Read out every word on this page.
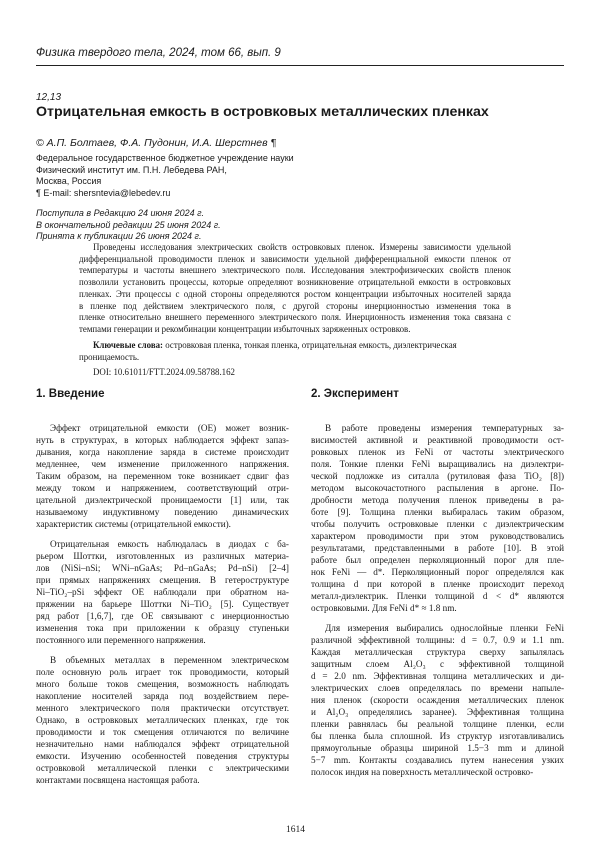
Физика твердого тела, 2024, том 66, вып. 9
12,13
Отрицательная емкость в островковых металлических пленках
© А.П. Болтаев, Ф.А. Пудонин, И.А. Шерстнев ¶
Федеральное государственное бюджетное учреждение науки
Физический институт им. П.Н. Лебедева РАН,
Москва, Россия
¶ E-mail: shersntevia@lebedev.ru
Поступила в Редакцию 24 июня 2024 г.
В окончательной редакции 25 июня 2024 г.
Принята к публикации 26 июня 2024 г.
Проведены исследования электрических свойств островковых пленок. Измерены зависимости удельной
дифференциальной проводимости пленок и зависимости удельной дифференциальной емкости пленок от
температуры и частоты внешнего электрического поля. Исследования электрофизических свойств пленок
позволили установить процессы, которые определяют возникновение отрицательной емкости в островковых
пленках. Эти процессы с одной стороны определяются ростом концентрации избыточных носителей заряда
в пленке под действием электрического поля, с другой стороны инерционностью изменения тока в
пленке относительно внешнего переменного электрического поля. Инерционность изменения тока связана с
темпами генерации и рекомбинации концентрации избыточных заряженных островков.
Ключевые слова: островковая пленка, тонкая пленка, отрицательная емкость, диэлектрическая проницаемость.
DOI: 10.61011/FTT.2024.09.58788.162
1. Введение

Эффект отрицательной емкости (ОЕ) может возник-
нуть в структурах, в которых наблюдается эффект запаз-
дывания, когда накопление заряда в системе происходит
медленнее, чем изменение приложенного напряжения.
Таким образом, на переменном токе возникает сдвиг фаз
между током и напряжением, соответствующий отри-
цательной диэлектрической проницаемости [1] или, так
называемому индуктивному поведению динамических
характеристик системы (отрицательной емкости).

Отрицательная емкость наблюдалась в диодах с ба-
рьером Шоттки, изготовленных из различных материа-
лов (NiSi–nSi; WNi–nGaAs; Pd–nGaAs; Pd–nSi) [2–4]
при прямых напряжениях смещения. В гетероструктуре
Ni–TiO₂–pSi эффект ОЕ наблюдали при обратном на-
пряжении на барьере Шоттки Ni–TiO₂ [5]. Существует
ряд работ [1,6,7], где ОЕ связывают с инерционностью
изменения тока при приложении к образцу ступеньки
постоянного или переменного напряжения.

В объемных металлах в переменном электрическом
поле основную роль играет ток проводимости, который
много больше токов смещения, возможность наблюдать
накопление носителей заряда под воздействием пере-
менного электрического поля практически отсутствует.
Однако, в островковых металлических пленках, где ток
проводимости и ток смещения отличаются по величине
незначительно нами наблюдался эффект отрицательной
емкости. Изучению особенностей поведения структуры
островковой металлической пленки с электрическими
контактами посвящена настоящая работа.

2. Эксперимент

В работе проведены измерения температурных за-
висимостей активной и реактивной проводимости ост-
ровковых пленок из FeNi от частоты электрического
поля. Тонкие пленки FeNi выращивались на диэлектри-
ческой подложке из ситалла (рутиловая фаза TiO₂ [8])
методом высокочастотного распыления в аргоне. По-
дробности метода получения пленок приведены в ра-
боте [9]. Толщина пленки выбиралась таким образом,
чтобы получить островковые пленки с диэлектрическим
характером проводимости при этом руководствовались
результатами, представленными в работе [10]. В этой
работе был определен перколяционный порог для пле-
нок FeNi — d*. Перколяционный порог определялся как
толщина d при которой в пленке происходит переход
металл-диэлектрик. Пленки толщиной d < d* являются
островковыми. Для FeNi d* ≈ 1.8 nm.

Для измерения выбирались однослойные пленки FeNi
различной эффективной толщины: d = 0.7, 0.9 и 1.1 nm.
Каждая металлическая структура сверху запылялась
защитным слоем Al₂O₃ с эффективной толщиной
d = 2.0 nm. Эффективная толщина металлических и ди-
электрических слоев определялась по времени напыле-
ния пленок (скорости осаждения металлических пленок
и Al₂O₃ определялись заранее). Эффективная толщина
пленки равнялась бы реальной толщине пленки, если
бы пленка была сплошной. Из структур изготавливались
прямоугольные образцы шириной 1.5−3 mm и длиной
5−7 mm. Контакты создавались путем нанесения узких
полосок индия на поверхность металлической островко-

1614
